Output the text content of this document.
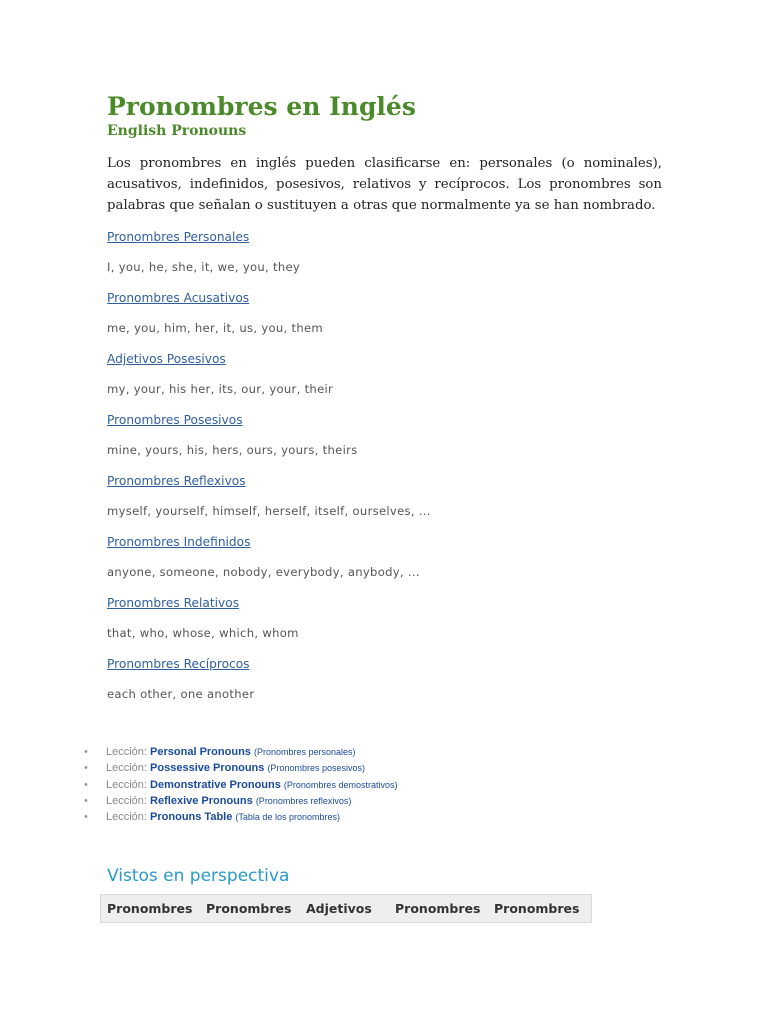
Pronombres en Inglés
English Pronouns

Los pronombres en inglés pueden clasificarse en: personales (o nominales), acusativos, indefinidos, posesivos, relativos y recíprocos. Los pronombres son palabras que señalan o sustituyen a otras que normalmente ya se han nombrado.

Pronombres Personales
I, you, he, she, it, we, you, they
Pronombres Acusativos
me, you, him, her, it, us, you, them
Adjetivos Posesivos
my, your, his her, its, our, your, their
Pronombres Posesivos
mine, yours, his, hers, ours, yours, theirs
Pronombres Reflexivos
myself, yourself, himself, herself, itself, ourselves, ...
Pronombres Indefinidos
anyone, someone, nobody, everybody, anybody, ...
Pronombres Relativos
that, who, whose, which, whom
Pronombres Recíprocos
each other, one another
• Lección: Personal Pronouns (Pronombres personales)
• Lección: Possessive Pronouns (Pronombres posesivos)
• Lección: Demonstrative Pronouns (Pronombres demostrativos)
• Lección: Reflexive Pronouns (Pronombres reflexivos)
• Lección: Pronouns Table (Tabla de los pronombres)
Vistos en perspectiva
Pronombres	Pronombres	Adjetivos	Pronombres	Pronombres
